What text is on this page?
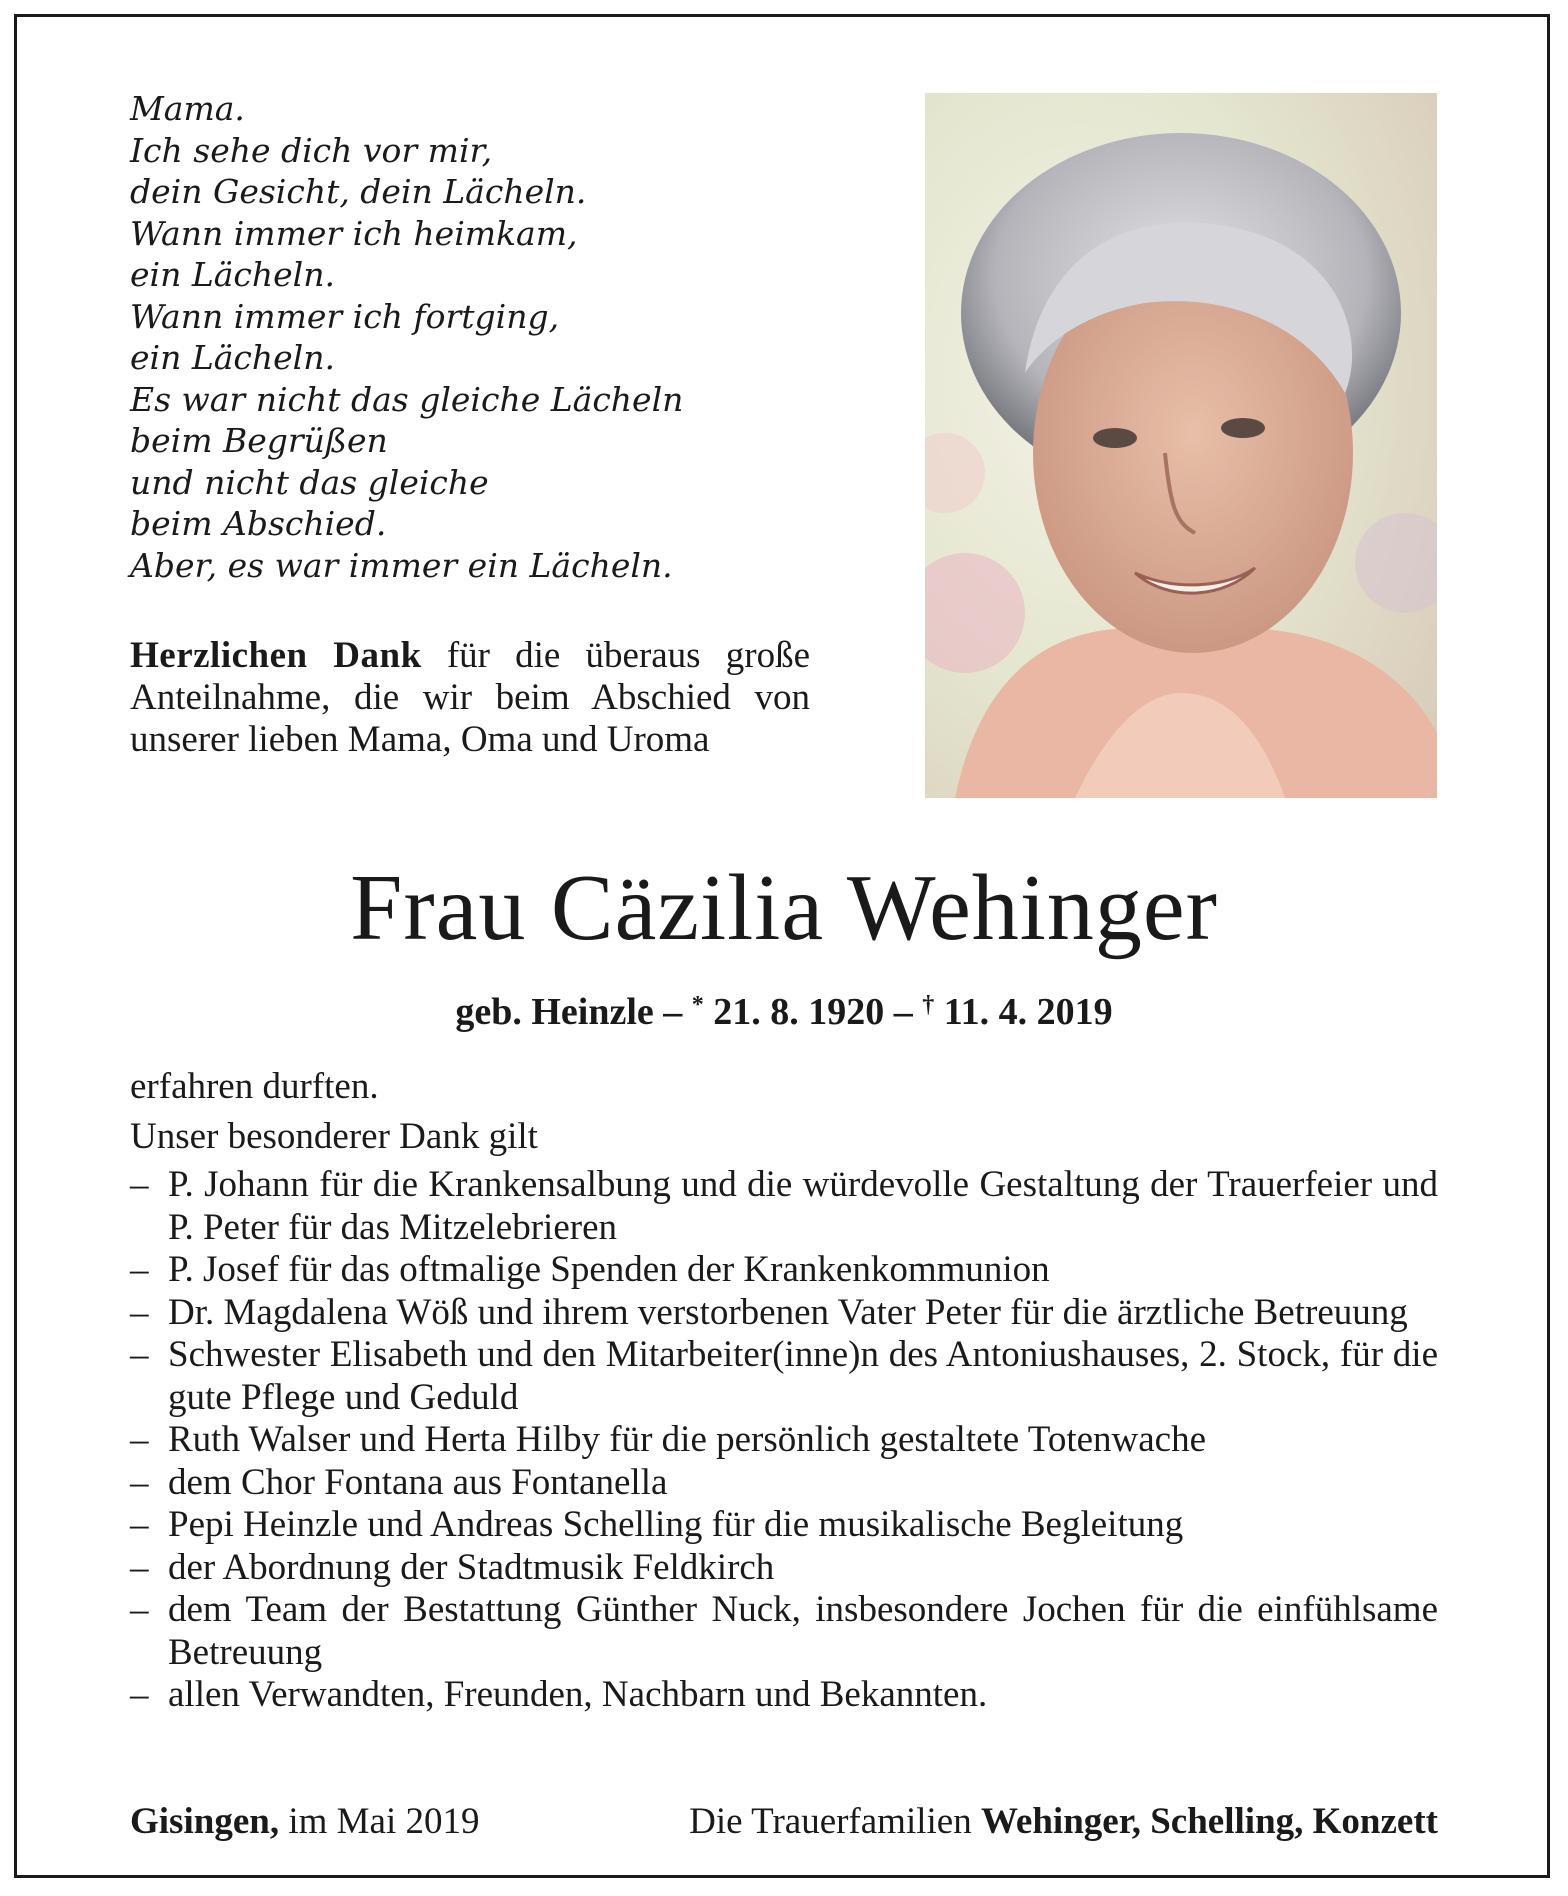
Mama.
Ich sehe dich vor mir,
dein Gesicht, dein Lächeln.
Wann immer ich heimkam,
ein Lächeln.
Wann immer ich fortging,
ein Lächeln.
Es war nicht das gleiche Lächeln
beim Begrüßen
und nicht das gleiche
beim Abschied.
Aber, es war immer ein Lächeln.
Herzlichen Dank für die überaus große Anteilnahme, die wir beim Abschied von unserer lieben Mama, Oma und Uroma
Frau Cäzilia Wehinger
geb. Heinzle – * 21. 8. 1920 – † 11. 4. 2019

erfahren durften.

Unser besonderer Dank gilt

– P. Johann für die Krankensalbung und die würdevolle Gestaltung der Trauerfeier und P. Peter für das Mitzelebrieren
– P. Josef für das oftmalige Spenden der Krankenkommunion
– Dr. Magdalena Wöß und ihrem verstorbenen Vater Peter für die ärztliche Betreuung
– Schwester Elisabeth und den Mitarbeiter(inne)n des Antoniushauses, 2. Stock, für die gute Pflege und Geduld
– Ruth Walser und Herta Hilby für die persönlich gestaltete Totenwache
– dem Chor Fontana aus Fontanella
– Pepi Heinzle und Andreas Schelling für die musikalische Begleitung
– der Abordnung der Stadtmusik Feldkirch
– dem Team der Bestattung Günther Nuck, insbesondere Jochen für die einfühlsame Betreuung
– allen Verwandten, Freunden, Nachbarn und Bekannten.
Gisingen, im Mai 2019	Die Trauerfamilien Wehinger, Schelling, Konzett
